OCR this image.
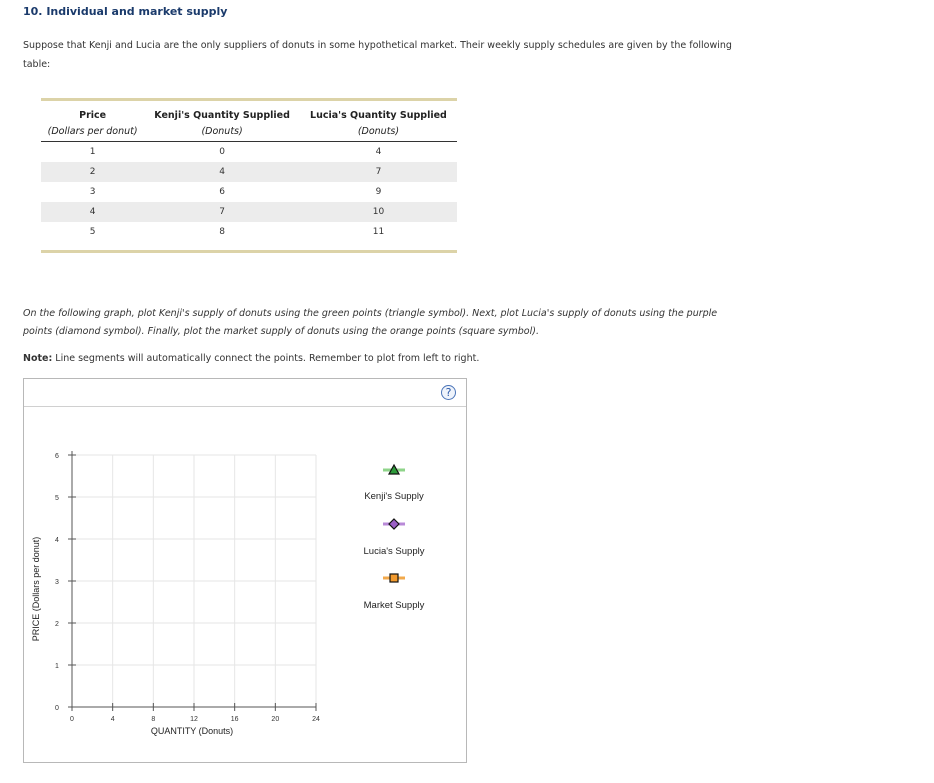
10. Individual and market supply
Suppose that Kenji and Lucia are the only suppliers of donuts in some hypothetical market. Their weekly supply schedules are given by the following table:
Price	Kenji's Quantity Supplied	Lucia's Quantity Supplied
(Dollars per donut)	(Donuts)	(Donuts)
1	0	4
2	4	7
3	6	9
4	7	10
5	8	11
On the following graph, plot Kenji's supply of donuts using the green points (triangle symbol). Next, plot Lucia's supply of donuts using the purple points (diamond symbol). Finally, plot the market supply of donuts using the orange points (square symbol).
Note: Line segments will automatically connect the points. Remember to plot from left to right.
0	4	8	12	16	20	24
0
1
2
3
4
5
6
QUANTITY (Donuts)
PRICE (Dollars per donut)
Kenji's Supply
Lucia's Supply
Market Supply
?
